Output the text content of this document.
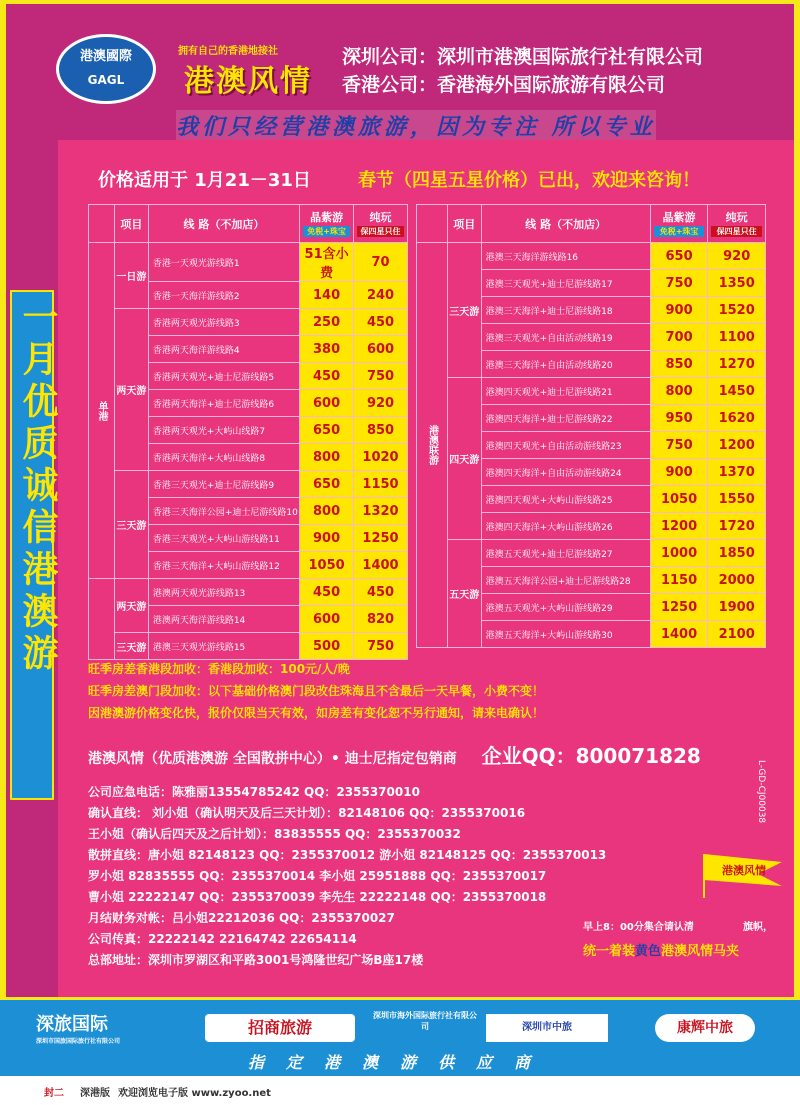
港澳國際
GAGL
拥有自己的香港地接社
港澳风情
深圳公司：深圳市港澳国际旅行社有限公司
香港公司：香港海外国际旅游有限公司
我们只经营港澳旅游，因为专注 所以专业
一月优质诚信港澳游
价格适用于 1月21－31日	春节（四星五星价格）已出，欢迎来咨询！
	项目	线 路（不加店）	晶紫游
免税+珠宝	纯玩
保四星只住

单港	一日游	香港一天观光游线路1	51含小费	70
		香港一天海洋游线路2	140	240
	两天游	香港两天观光游线路3	250	450
		香港两天海洋游线路4	380	600
		香港两天观光+迪士尼游线路5	450	750
		香港两天海洋+迪士尼游线路6	600	920
		香港两天观光+大屿山线路7	650	850
		香港两天海洋+大屿山线路8	800	1020
	三天游	香港三天观光+迪士尼游线路9	650	1150
		香港三天海洋公园+迪士尼游线路10	800	1320
		香港三天观光+大屿山游线路11	900	1250
		香港三天海洋+大屿山游线路12	1050	1400
	两天游	港澳两天观光游线路13	450	450
		港澳两天海洋游线路14	600	820
	三天游	港澳三天观光游线路15	500	750
	项目	线 路（不加店）	晶紫游
免税+珠宝	纯玩
保四星只住

港澳联游	三天游	港澳三天海洋游线路16	650	920
		港澳三天观光+迪士尼游线路17	750	1350
		港澳三天海洋+迪士尼游线路18	900	1520
		港澳三天观光+自由活动线路19	700	1100
		港澳三天海洋+自由活动线路20	850	1270
	四天游	港澳四天观光+迪士尼游线路21	800	1450
		港澳四天海洋+迪士尼游线路22	950	1620
		港澳四天观光+自由活动游线路23	750	1200
		港澳四天海洋+自由活动游线路24	900	1370
		港澳四天观光+大屿山游线路25	1050	1550
		港澳四天海洋+大屿山游线路26	1200	1720
	五天游	港澳五天观光+迪士尼游线路27	1000	1850
		港澳五天海洋公园+迪士尼游线路28	1150	2000
		港澳五天观光+大屿山游线路29	1250	1900
		港澳五天海洋+大屿山游线路30	1400	2100
旺季房差香港段加收：香港段加收：100元/人/晚
旺季房差澳门段加收：以下基础价格澳门段改住珠海且不含最后一天早餐，小费不变！
因港澳游价格变化快，报价仅限当天有效，如房差有变化恕不另行通知，请来电确认！
港澳风情（优质港澳游 全国散拼中心）• 迪士尼指定包销商 企业QQ：800071828
公司应急电话：陈雅丽13554785242 QQ：2355370010
确认直线： 刘小姐（确认明天及后三天计划）：82148106 QQ：2355370016
王小姐（确认后四天及之后计划）：83835555 QQ：2355370032
散拼直线：唐小姐 82148123 QQ：2355370012 游小姐 82148125 QQ：2355370013
罗小姐 82835555 QQ：2355370014 李小姐 25951888 QQ：2355370017
曹小姐 22222147 QQ：2355370039 李先生 22222148 QQ：2355370018
月结财务对帐：吕小姐22212036 QQ：2355370027
公司传真：22222142 22164742 22654114
总部地址：深圳市罗湖区和平路3001号鸿隆世纪广场B座17楼
L-GD-CJ00038
港澳风情
早上8：00分集合请认清	旗帜，
统一着装黄色港澳风情马夹
深旅国际
深圳市国旅国际旅行社有限公司
招商旅游
深圳市海外国际旅行社有限公司	深圳市中旅	康辉中旅
指定港澳游供应商
封二 深港版 欢迎浏览电子版 www.zyoo.net
